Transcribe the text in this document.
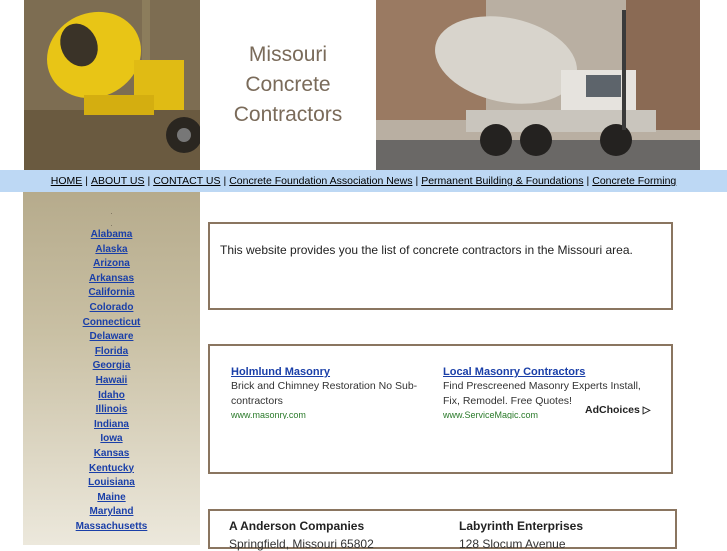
Missouri
Concrete
Contractors
HOME | ABOUT US | CONTACT US | Concrete Foundation Association News | Permanent Building & Foundations | Concrete Forming
.
.
Alabama
Alaska
Arizona
Arkansas
California
Colorado
Connecticut
Delaware
Florida
Georgia
Hawaii
Idaho
Illinois
Indiana
Iowa
Kansas
Kentucky
Louisiana
Maine
Maryland
Massachusetts

This website provides you the list of concrete contractors in the Missouri area.

Holmlund Masonry
Brick and Chimney Restoration No Sub-contractors
www.masonry.com
Local Masonry Contractors
Find Prescreened Masonry Experts Install, Fix, Remodel. Free Quotes!
www.ServiceMagic.com	AdChoices ▷
A Anderson Companies
Springfield, Missouri 65802
Labyrinth Enterprises
128 Slocum Avenue
